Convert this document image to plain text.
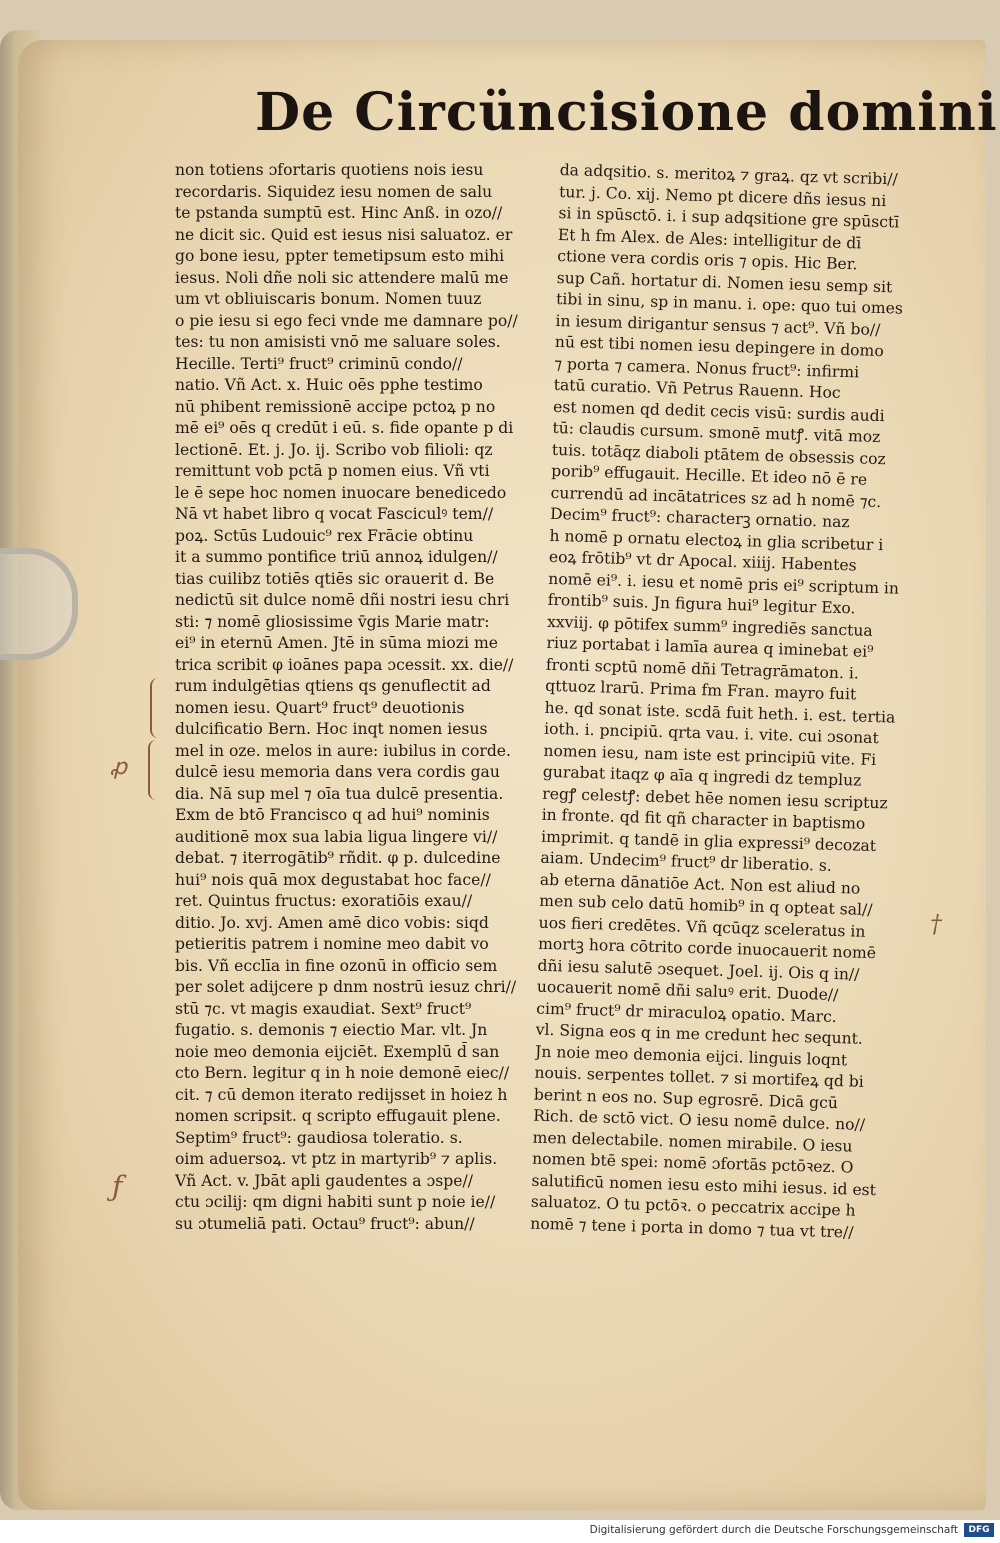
De Circüncisione domini
non totiens ɔfortaris quotiens nois iesu
recordaris. Siquidez iesu nomen de salu
te pstanda sumptū est. Hinc Anß. in ozo//
ne dicit sic. Quid est iesus nisi saluatoz. er
go bone iesu, ppter temetipsum esto mihi
iesus. Noli dñe noli sic attendere malū me
um vt obliuiscaris bonum. Nomen tuuz
o pie iesu si ego feci vnde me damnare po//
tes: tu non amisisti vnō me saluare soles.
Hecille. Terti⁹ fruct⁹ criminū condo//
natio. Vñ Act. x. Huic oēs pphe testimo
nū phibent remissionē accipe pctoꝝ p no
mē ei⁹ oēs q credūt i eū. s. fide opante p di
lectionē. Et. j. Jo. ij. Scribo vob filioli: qz
remittunt vob pctā p nomen eius. Vñ vti
le ē sepe hoc nomen inuocare benedicedo
Nā vt habet libro q vocat Fasciculꝰ tem//
poꝝ. Sctūs Ludouic⁹ rex Frācie obtinu
it a summo pontifice triū annoꝝ idulgen//
tias cuilibz totiēs qtiēs sic orauerit d. Be
nedictū sit dulce nomē dñi nostri iesu chri
sti: ⁊ nomē gliosissime v̄gis Marie matr:
ei⁹ in eternū Amen. Jtē in sūma miozi me
trica scribit φ ioānes papa ɔcessit. xx. die//
rum indulgētias qtiens qs genuflectit ad
nomen iesu. Quart⁹ fruct⁹ deuotionis
dulcificatio Bern. Hoc inqt nomen iesus
mel in oze. melos in aure: iubilus in corde.
dulcē iesu memoria dans vera cordis gau
dia. Nā sup mel ⁊ oīa tua dulcē presentia.
Exm de btō Francisco q ad hui⁹ nominis
auditionē mox sua labia ligua lingere vi//
debat. ⁊ iterrogātib⁹ rñdit. φ p. dulcedine
hui⁹ nois quā mox degustabat hoc face//
ret. Quintus fructus: exoratiōis exau//
ditio. Jo. xvj. Amen amē dico vobis: siqd
petieritis patrem i nomine meo dabit vo
bis. Vñ ecclīa in fine ozonū in officio sem
per solet adijcere p dnm nostrū iesuz chri//
stū ⁊c. vt magis exaudiat. Sext⁹ fruct⁹
fugatio. s. demonis ⁊ eiectio Mar. vlt. Jn
noie meo demonia eijciēt. Exemplū d̄ san
cto Bern. legitur q in h noie demonē eiec//
cit. ⁊ cū demon iterato redijsset in hoiez h
nomen scripsit. q scripto effugauit plene.
Septim⁹ fruct⁹: gaudiosa toleratio. s.
oim aduersoꝝ. vt ptz in martyrib⁹ ⁊ aplis.
Vñ Act. v. Jbāt apli gaudentes a ɔspe//
ctu ɔcilij: qm digni habiti sunt p noie ie//
su ɔtumeliā pati. Octau⁹ fruct⁹: abun//
da adqsitio. s. meritoꝝ ⁊ graꝝ. qz vt scribi//
tur. j. Co. xij. Nemo pt dicere dñs iesus ni
si in spūsctō. i. i sup adqsitione gre spūsctī
Et h fm Alex. de Ales: intelligitur de dī
ctione vera cordis oris ⁊ opis. Hic Ber.
sup Cañ. hortatur di. Nomen iesu semp sit
tibi in sinu, sp in manu. i. ope: quo tui omes
in iesum dirigantur sensus ⁊ act⁹. Vñ bo//
nū est tibi nomen iesu depingere in domo
⁊ porta ⁊ camera. Nonus fruct⁹: infirmi
tatū curatio. Vñ Petrus Rauenn. Hoc
est nomen qd dedit cecis visū: surdis audi
tū: claudis cursum. smonē mutꝭ. vitā moz
tuis. totāqz diaboli ptātem de obsessis coz
porib⁹ effugauit. Hecille. Et ideo nō ē re
currendū ad incātatrices sz ad h nomē ⁊c.
Decim⁹ fruct⁹: characterꝫ ornatio. naz
h nomē p ornatu electoꝝ in glia scribetur i
eoꝝ frōtib⁹ vt dr Apocal. xiiij. Habentes
nomē ei⁹. i. iesu et nomē pris ei⁹ scriptum in
frontib⁹ suis. Jn figura hui⁹ legitur Exo.
xxviij. φ pōtifex summ⁹ ingrediēs sanctua
riuz portabat i lamīa aurea q iminebat ei⁹
fronti scptū nomē dñi Tetragrāmaton. i.
qttuoz lrarū. Prima fm Fran. mayro fuit
he. qd sonat iste. scdā fuit heth. i. est. tertia
ioth. i. pncipiū. qrta vau. i. vite. cui ɔsonat
nomen iesu, nam iste est principiū vite. Fi
gurabat itaqz φ aīa q ingredi dz templuz
regꝭ celestꝭ: debet hēe nomen iesu scriptuz
in fronte. qd fit qñ character in baptismo
imprimit. q tandē in glia expressi⁹ decozat
aiam. Undecim⁹ fruct⁹ dr liberatio. s.
ab eterna dānatiōe Act. Non est aliud no
men sub celo datū homib⁹ in q opteat sal//
uos fieri credētes. Vñ qcūqz sceleratus in
mortꝫ hora cōtrito corde inuocauerit nomē
dñi iesu salutē ɔsequet. Joel. ij. Ois q in//
uocauerit nomē dñi saluꝰ erit. Duode//
cim⁹ fruct⁹ dr miraculoꝝ opatio. Marc.
vl. Signa eos q in me credunt hec sequnt.
Jn noie meo demonia eijci. linguis loqnt
nouis. serpentes tollet. ⁊ si mortifeꝝ qd bi
berint n eos no. Sup egrosrē. Dicā gcū
Rich. de sctō vict. O iesu nomē dulce. no//
men delectabile. nomen mirabile. O iesu
nomen btē spei: nomē ɔfortās pctōꝛez. O
salutificū nomen iesu esto mihi iesus. id est
saluatoz. O tu pctōꝛ. o peccatrix accipe h
nomē ⁊ tene i porta in domo ⁊ tua vt tre//
ꝓ
ƒ
†
Digitalisierung gefördert durch die Deutsche Forschungsgemeinschaft	DFG
